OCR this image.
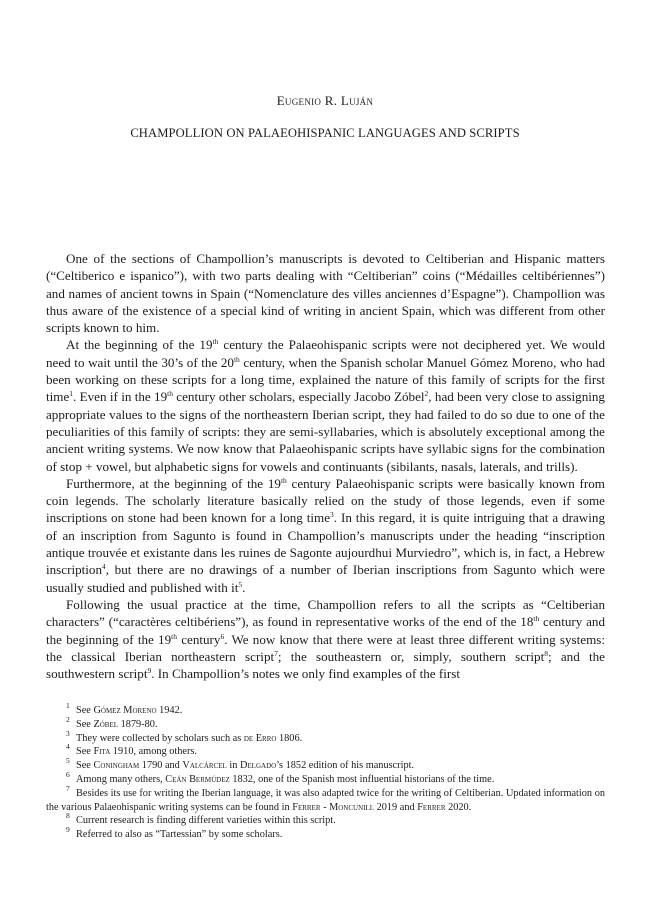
Eugenio R. Luján
CHAMPOLLION ON PALAEOHISPANIC LANGUAGES AND SCRIPTS

One of the sections of Champollion’s manuscripts is devoted to Celtiberian and Hispanic matters (“Celtiberico e ispanico”), with two parts dealing with “Celtiberian” coins (“Médailles celtibériennes”) and names of ancient towns in Spain (“Nomenclature des villes anciennes d’Espagne”). Champollion was thus aware of the existence of a special kind of writing in ancient Spain, which was different from other scripts known to him.

At the beginning of the 19th century the Palaeohispanic scripts were not deciphered yet. We would need to wait until the 30’s of the 20th century, when the Spanish scholar Manuel Gómez Moreno, who had been working on these scripts for a long time, explained the nature of this family of scripts for the first time$^1$. Even if in the 19th century other scholars, especially Jacobo Zóbel$^2$, had been very close to assigning appropriate values to the signs of the northeastern Iberian script, they had failed to do so due to one of the peculiarities of this family of scripts: they are semi-syllabaries, which is absolutely exceptional among the ancient writing systems. We now know that Palaeohispanic scripts have syllabic signs for the combination of stop + vowel, but alphabetic signs for vowels and continuants (sibilants, nasals, laterals, and trills).

Furthermore, at the beginning of the 19th century Palaeohispanic scripts were basically known from coin legends. The scholarly literature basically relied on the study of those legends, even if some inscriptions on stone had been known for a long time$^3$. In this regard, it is quite intriguing that a drawing of an inscription from Sagunto is found in Champollion’s manuscripts under the heading “inscription antique trouvée et existante dans les ruines de Sagonte aujourdhui Murviedro”, which is, in fact, a Hebrew inscription$^4$, but there are no drawings of a number of Iberian inscriptions from Sagunto which were usually studied and published with $it^5$.

Following the usual practice at the time, Champollion refers to all the scripts as “Celtiberian characters” (“caractères celtibériens”), as found in representative works of the end of the 18th century and the beginning of the 19th century$^6$. We now know that there were at least three different writing systems: the classical Iberian northeastern script$^7$; the southeastern or, simply, southern script$^8$; and the southwestern script$^9$. In Champollion’s notes we only find examples of the first

$^1$ See Gómez Moreno 1942.

$^2$ See Zóbel 1879-80.

$^3$ They were collected by scholars such as de Erro 1806.

$^4$ See Fita 1910, among others.

$^5$ See Coningham 1790 and Valcárcel in Delgado’s 1852 edition of his manuscript.

$^6$ Among many others, Ceán Bermúdez 1832, one of the Spanish most influential historians of the time.

$^7$ Besides its use for writing the Iberian language, it was also adapted twice for the writing of Celtiberian. Updated information on the various Palaeohispanic writing systems can be found in Ferrer - Moncunill 2019 and Ferrer 2020.

$^8$ Current research is finding different varieties within this script.

$^9$ Referred to also as “Tartessian” by some scholars.
